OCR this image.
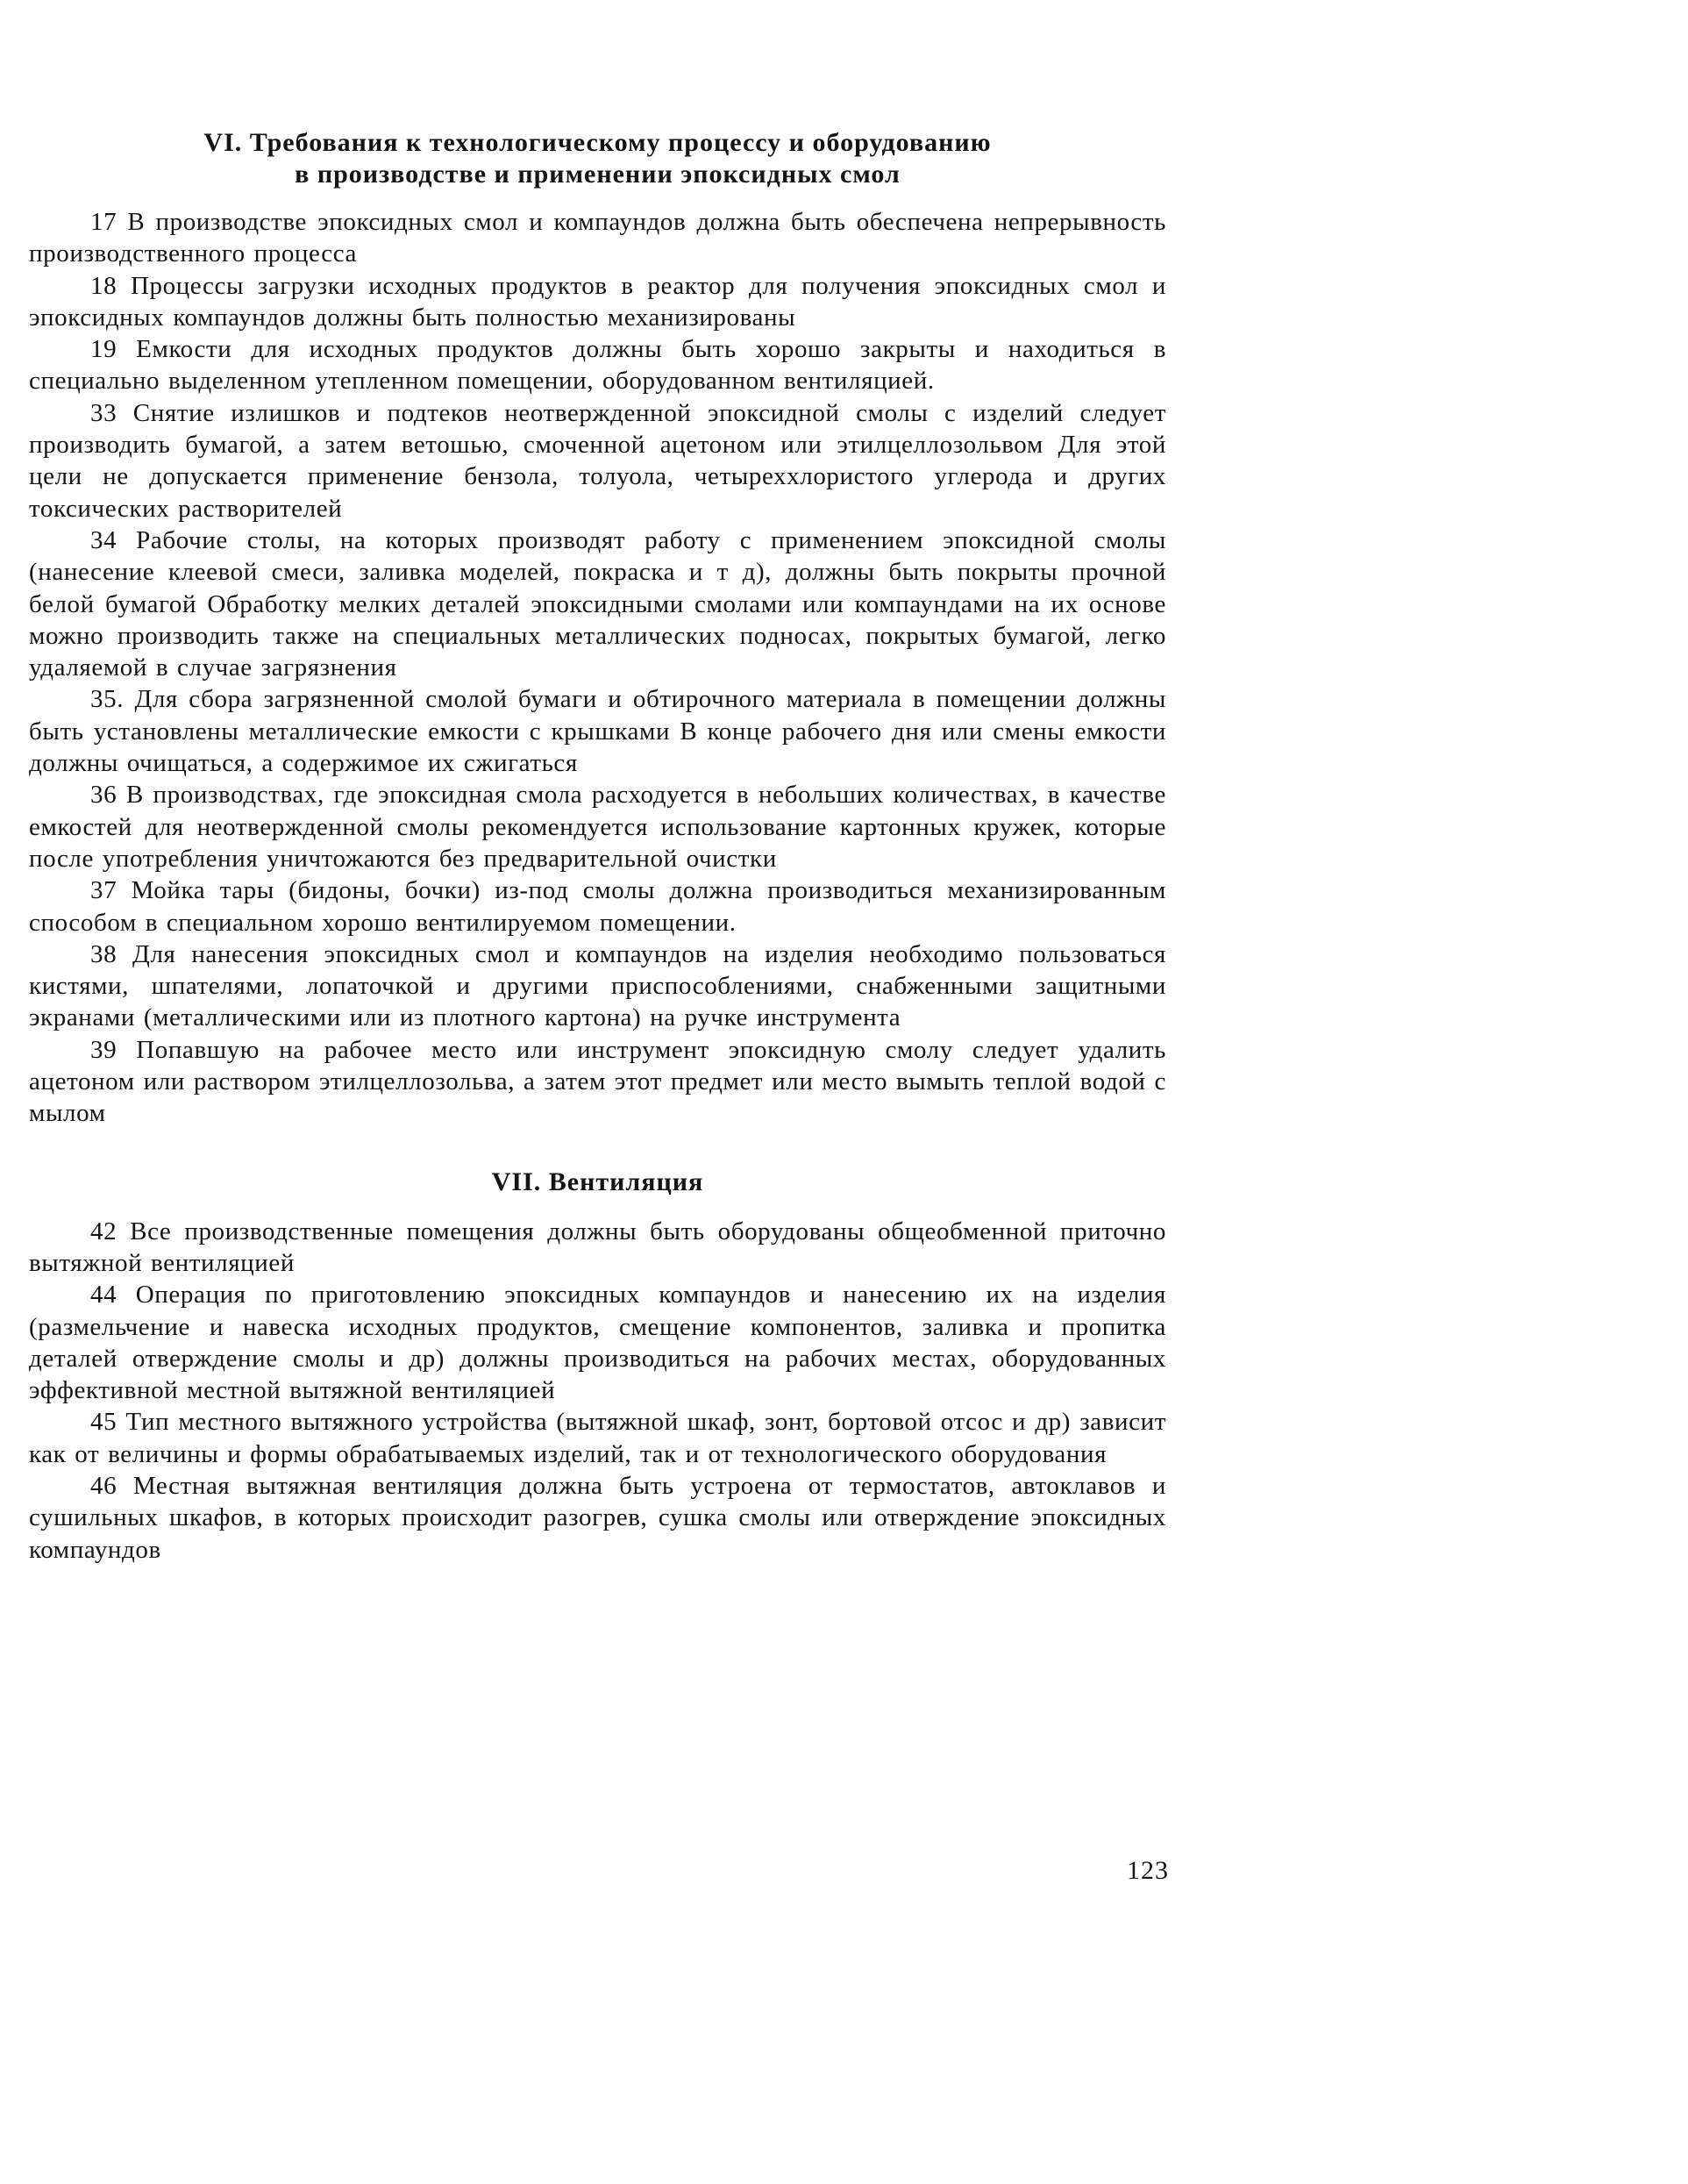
VI. Требования к технологическому процессу и оборудованию
в производстве и применении эпоксидных смол

17 В производстве эпоксидных смол и компаундов должна быть обеспечена непрерывность производственного процесса

18 Процессы загрузки исходных продуктов в реактор для получения эпоксидных смол и эпоксидных компаундов должны быть полностью механизированы

19 Емкости для исходных продуктов должны быть хорошо закрыты и находиться в специально выделенном утепленном помещении, оборудованном вентиляцией.

33 Снятие излишков и подтеков неотвержденной эпоксидной смолы с изделий следует производить бумагой, а затем ветошью, смоченной ацетоном или этилцеллозольвом Для этой цели не допускается применение бензола, толуола, четыреххлористого углерода и других токсических растворителей

34 Рабочие столы, на которых производят работу с применением эпоксидной смолы (нанесение клеевой смеси, заливка моделей, покраска и т д), должны быть покрыты прочной белой бумагой Обработку мелких деталей эпоксидными смолами или компаундами на их основе можно производить также на специальных металлических подносах, покрытых бумагой, легко удаляемой в случае загрязнения

35. Для сбора загрязненной смолой бумаги и обтирочного материала в помещении должны быть установлены металлические емкости с крышками В конце рабочего дня или смены емкости должны очищаться, а содержимое их сжигаться

36 В производствах, где эпоксидная смола расходуется в небольших количествах, в качестве емкостей для неотвержденной смолы рекомендуется использование картонных кружек, которые после употребления уничтожаются без предварительной очистки

37 Мойка тары (бидоны, бочки) из-под смолы должна производиться механизированным способом в специальном хорошо вентилируемом помещении.

38 Для нанесения эпоксидных смол и компаундов на изделия необходимо пользоваться кистями, шпателями, лопаточкой и другими приспособлениями, снабженными защитными экранами (металлическими или из плотного картона) на ручке инструмента

39 Попавшую на рабочее место или инструмент эпоксидную смолу следует удалить ацетоном или раствором этилцеллозольва, а затем этот предмет или место вымыть теплой водой с мылом

VII. Вентиляция

42 Все производственные помещения должны быть оборудованы общеобменной приточно вытяжной вентиляцией

44 Операция по приготовлению эпоксидных компаундов и нанесению их на изделия (размельчение и навеска исходных продуктов, смещение компонентов, заливка и пропитка деталей отверждение смолы и др) должны производиться на рабочих местах, оборудованных эффективной местной вытяжной вентиляцией

45 Тип местного вытяжного устройства (вытяжной шкаф, зонт, бортовой отсос и др) зависит как от величины и формы обрабатываемых изделий, так и от технологического оборудования

46 Местная вытяжная вентиляция должна быть устроена от термостатов, автоклавов и сушильных шкафов, в которых происходит разогрев, сушка смолы или отверждение эпоксидных компаундов

123
